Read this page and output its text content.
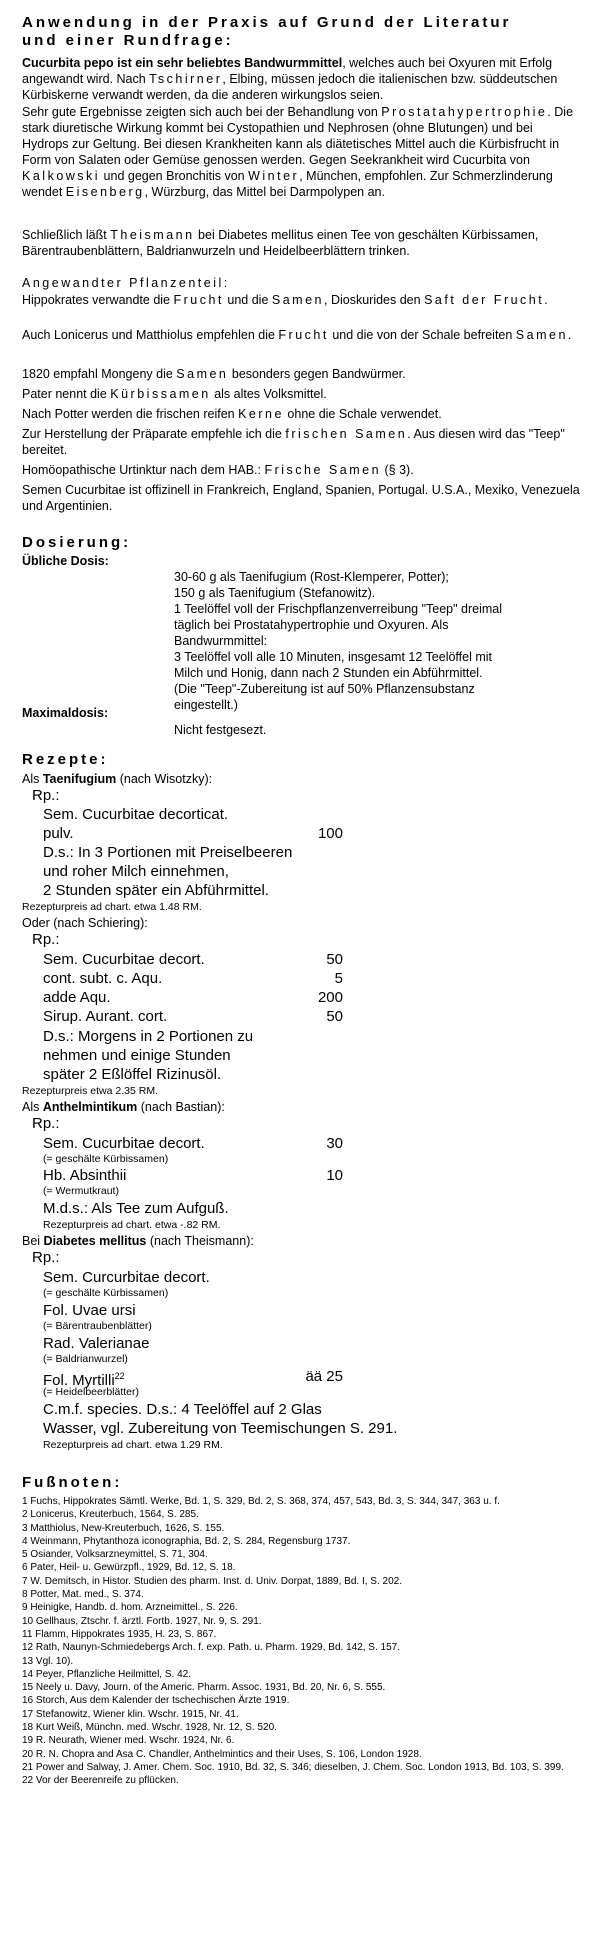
Anwendung in der Praxis auf Grund der Literatur
und einer Rundfrage:
Cucurbita pepo ist ein sehr beliebtes Bandwurmmittel, welches auch bei Oxyuren mit Erfolg angewandt wird. Nach Tschirner, Elbing, müssen jedoch die italienischen bzw. süddeutschen Kürbiskerne verwandt werden, da die anderen wirkungslos seien.
Sehr gute Ergebnisse zeigten sich auch bei der Behandlung von Prostatahypertrophie. Die stark diuretische Wirkung kommt bei Cystopathien und Nephrosen (ohne Blutungen) und bei Hydrops zur Geltung. Bei diesen Krankheiten kann als diätetisches Mittel auch die Kürbisfrucht in Form von Salaten oder Gemüse genossen werden. Gegen Seekrankheit wird Cucurbita von Kalkowski und gegen Bronchitis von Winter, München, empfohlen. Zur Schmerzlinderung wendet Eisenberg, Würzburg, das Mittel bei Darmpolypen an.
Schließlich läßt Theismann bei Diabetes mellitus einen Tee von geschälten Kürbissamen, Bärentraubenblättern, Baldrianwurzeln und Heidelbeerblättern trinken.
Angewandter Pflanzenteil:
Hippokrates verwandte die Frucht und die Samen, Dioskurides den Saft der Frucht.
Auch Lonicerus und Matthiolus empfehlen die Frucht und die von der Schale befreiten Samen.
1820 empfahl Mongeny die Samen besonders gegen Bandwürmer.
Pater nennt die Kürbissamen als altes Volksmittel.
Nach Potter werden die frischen reifen Kerne ohne die Schale verwendet.
Zur Herstellung der Präparate empfehle ich die frischen Samen. Aus diesen wird das "Teep" bereitet.
Homöopathische Urtinktur nach dem HAB.: Frische Samen (§ 3).
Semen Cucurbitae ist offizinell in Frankreich, England, Spanien, Portugal. U.S.A., Mexiko, Venezuela und Argentinien.
Dosierung:
Übliche Dosis:
30-60 g als Taenifugium (Rost-Klemperer, Potter);
150 g als Taenifugium (Stefanowitz).
1 Teelöffel voll der Frischpflanzenverreibung "Teep" dreimal
täglich bei Prostatahypertrophie und Oxyuren. Als
Bandwurmmittel:
3 Teelöffel voll alle 10 Minuten, insgesamt 12 Teelöffel mit
Milch und Honig, dann nach 2 Stunden ein Abführmittel.
(Die "Teep"-Zubereitung ist auf 50% Pflanzensubstanz
eingestellt.)
Maximaldosis:
Nicht festgesezt.
Rezepte:
Als Taenifugium (nach Wisotzky):
Rp.:
Sem. Cucurbitae decorticat.
pulv.	100
D.s.: In 3 Portionen mit Preiselbeeren
und roher Milch einnehmen,
2 Stunden später ein Abführmittel.
Rezepturpreis ad chart. etwa 1.48 RM.
Oder (nach Schiering):
Rp.:
Sem. Cucurbitae decort.	50
cont. subt. c. Aqu.	5
adde Aqu.	200
Sirup. Aurant. cort.	50
D.s.: Morgens in 2 Portionen zu
nehmen und einige Stunden
später 2 Eßlöffel Rizinusöl.
Rezepturpreis etwa 2.35 RM.
Als Anthelmintikum (nach Bastian):
Rp.:
Sem. Cucurbitae decort.	30
(= geschälte Kürbissamen)
Hb. Absinthii	10
(= Wermutkraut)
M.d.s.: Als Tee zum Aufguß.
Rezepturpreis ad chart. etwa -.82 RM.
Bei Diabetes mellitus (nach Theismann):
Rp.:
Sem. Curcurbitae decort.
(= geschälte Kürbissamen)
Fol. Uvae ursi
(= Bärentraubenblätter)
Rad. Valerianae
(= Baldrianwurzel)
Fol. Myrtilli$^{22}$	ää 25
(= Heidelbeerblätter)
C.m.f. species. D.s.: 4 Teelöffel auf 2 Glas
Wasser, vgl. Zubereitung von Teemischungen S. 291.
Rezepturpreis ad chart. etwa 1.29 RM.
Fußnoten:
1 Fuchs, Hippokrates Sämtl. Werke, Bd. 1, S. 329, Bd. 2, S. 368, 374, 457, 543, Bd. 3, S. 344, 347, 363 u. f.
2 Lonicerus, Kreuterbuch, 1564, S. 285.
3 Matthiolus, New-Kreuterbuch, 1626, S. 155.
4 Weinmann, Phytanthoza iconographia, Bd. 2, S. 284, Regensburg 1737.
5 Osiander, Volksarzneymittel, S. 71, 304.
6 Pater, Heil- u. Gewürzpfl., 1929, Bd. 12, S. 18.
7 W. Demitsch, in Histor. Studien des pharm. Inst. d. Univ. Dorpat, 1889, Bd. I, S. 202.
8 Potter, Mat. med., S. 374.
9 Heinigke, Handb. d. hom. Arzneimittel., S. 226.
10 Gellhaus, Ztschr. f. ärztl. Fortb. 1927, Nr. 9, S. 291.
11 Flamm, Hippokrates 1935, H. 23, S. 867.
12 Rath, Naunyn-Schmiedebergs Arch. f. exp. Path. u. Pharm. 1929, Bd. 142, S. 157.
13 Vgl. 10).
14 Peyer, Pflanzliche Heilmittel, S. 42.
15 Neely u. Davy, Journ. of the Americ. Pharm. Assoc. 1931, Bd. 20, Nr. 6, S. 555.
16 Storch, Aus dem Kalender der tschechischen Ärzte 1919.
17 Stefanowitz, Wiener klin. Wschr. 1915, Nr. 41.
18 Kurt Weiß, Münchn. med. Wschr. 1928, Nr. 12, S. 520.
19 R. Neurath, Wiener med. Wschr. 1924, Nr. 6.
20 R. N. Chopra and Asa C. Chandler, Anthelmintics and their Uses, S. 106, London 1928.
21 Power and Salway, J. Amer. Chem. Soc. 1910, Bd. 32, S. 346; dieselben, J. Chem. Soc. London 1913, Bd. 103, S. 399.
22 Vor der Beerenreife zu pflücken.
